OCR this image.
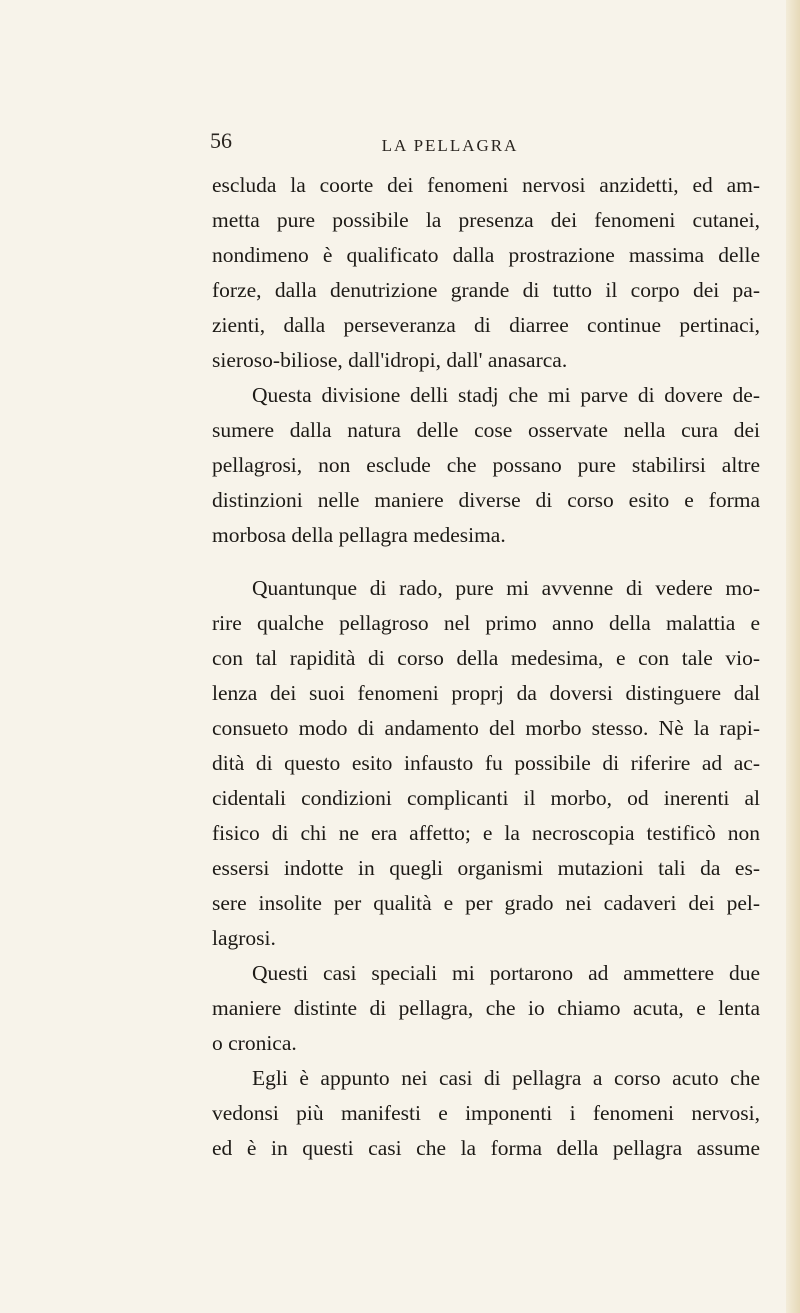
56	LA PELLAGRA
escluda la coorte dei fenomeni nervosi anzidetti, ed am-
metta pure possibile la presenza dei fenomeni cutanei,
nondimeno è qualificato dalla prostrazione massima delle
forze, dalla denutrizione grande di tutto il corpo dei pa-
zienti, dalla perseveranza di diarree continue pertinaci,
sieroso-biliose, dall'idropi, dall' anasarca.
Questa divisione delli stadj che mi parve di dovere de-
sumere dalla natura delle cose osservate nella cura dei
pellagrosi, non esclude che possano pure stabilirsi altre
distinzioni nelle maniere diverse di corso esito e forma
morbosa della pellagra medesima.
Quantunque di rado, pure mi avvenne di vedere mo-
rire qualche pellagroso nel primo anno della malattia e
con tal rapidità di corso della medesima, e con tale vio-
lenza dei suoi fenomeni proprj da doversi distinguere dal
consueto modo di andamento del morbo stesso. Nè la rapi-
dità di questo esito infausto fu possibile di riferire ad ac-
cidentali condizioni complicanti il morbo, od inerenti al
fisico di chi ne era affetto; e la necroscopia testificò non
essersi indotte in quegli organismi mutazioni tali da es-
sere insolite per qualità e per grado nei cadaveri dei pel-
lagrosi.
Questi casi speciali mi portarono ad ammettere due
maniere distinte di pellagra, che io chiamo acuta, e lenta
o cronica.
Egli è appunto nei casi di pellagra a corso acuto che
vedonsi più manifesti e imponenti i fenomeni nervosi,
ed è in questi casi che la forma della pellagra assume
